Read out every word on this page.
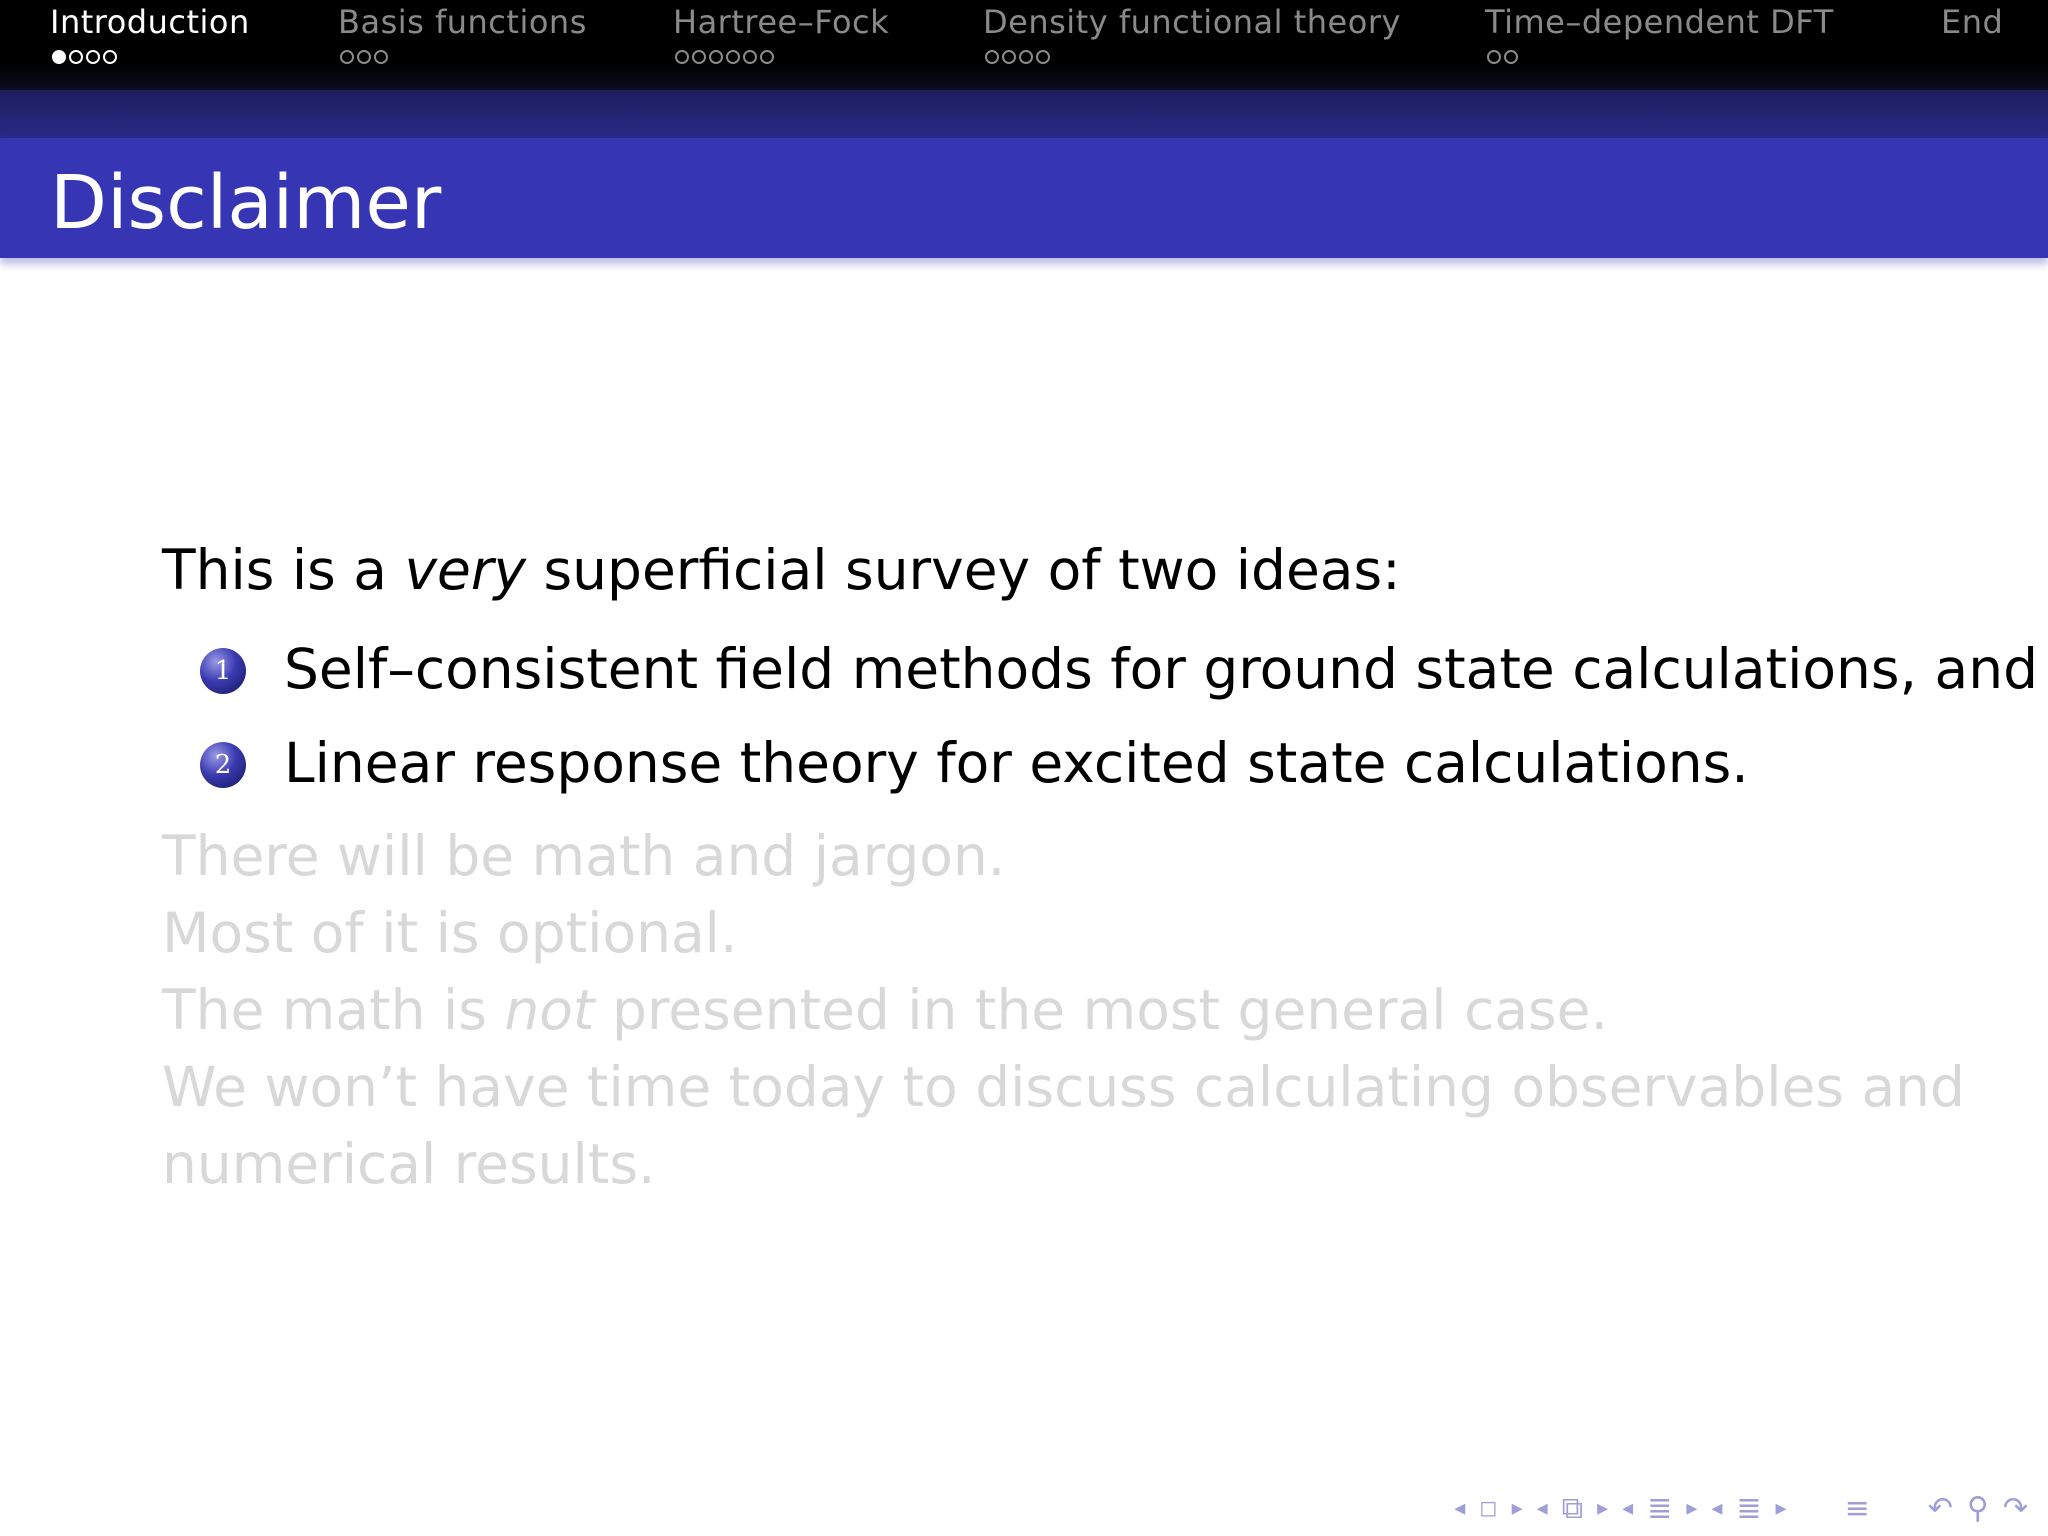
Introduction	Basis functions	Hartree–Fock	Density functional theory	Time–dependent DFT	End
Disclaimer
This is a very superficial survey of two ideas:
1 Self–consistent field methods for ground state calculations, and
2 Linear response theory for excited state calculations.
There will be math and jargon.
Most of it is optional.
The math is not presented in the most general case.
We won’t have time today to discuss calculating observables and
numerical results.
◂ ◻ ▸ ◂ ⧉ ▸ ◂ ≣ ▸ ◂ ≣ ▸ ≡ ↶ ⚲ ↷
